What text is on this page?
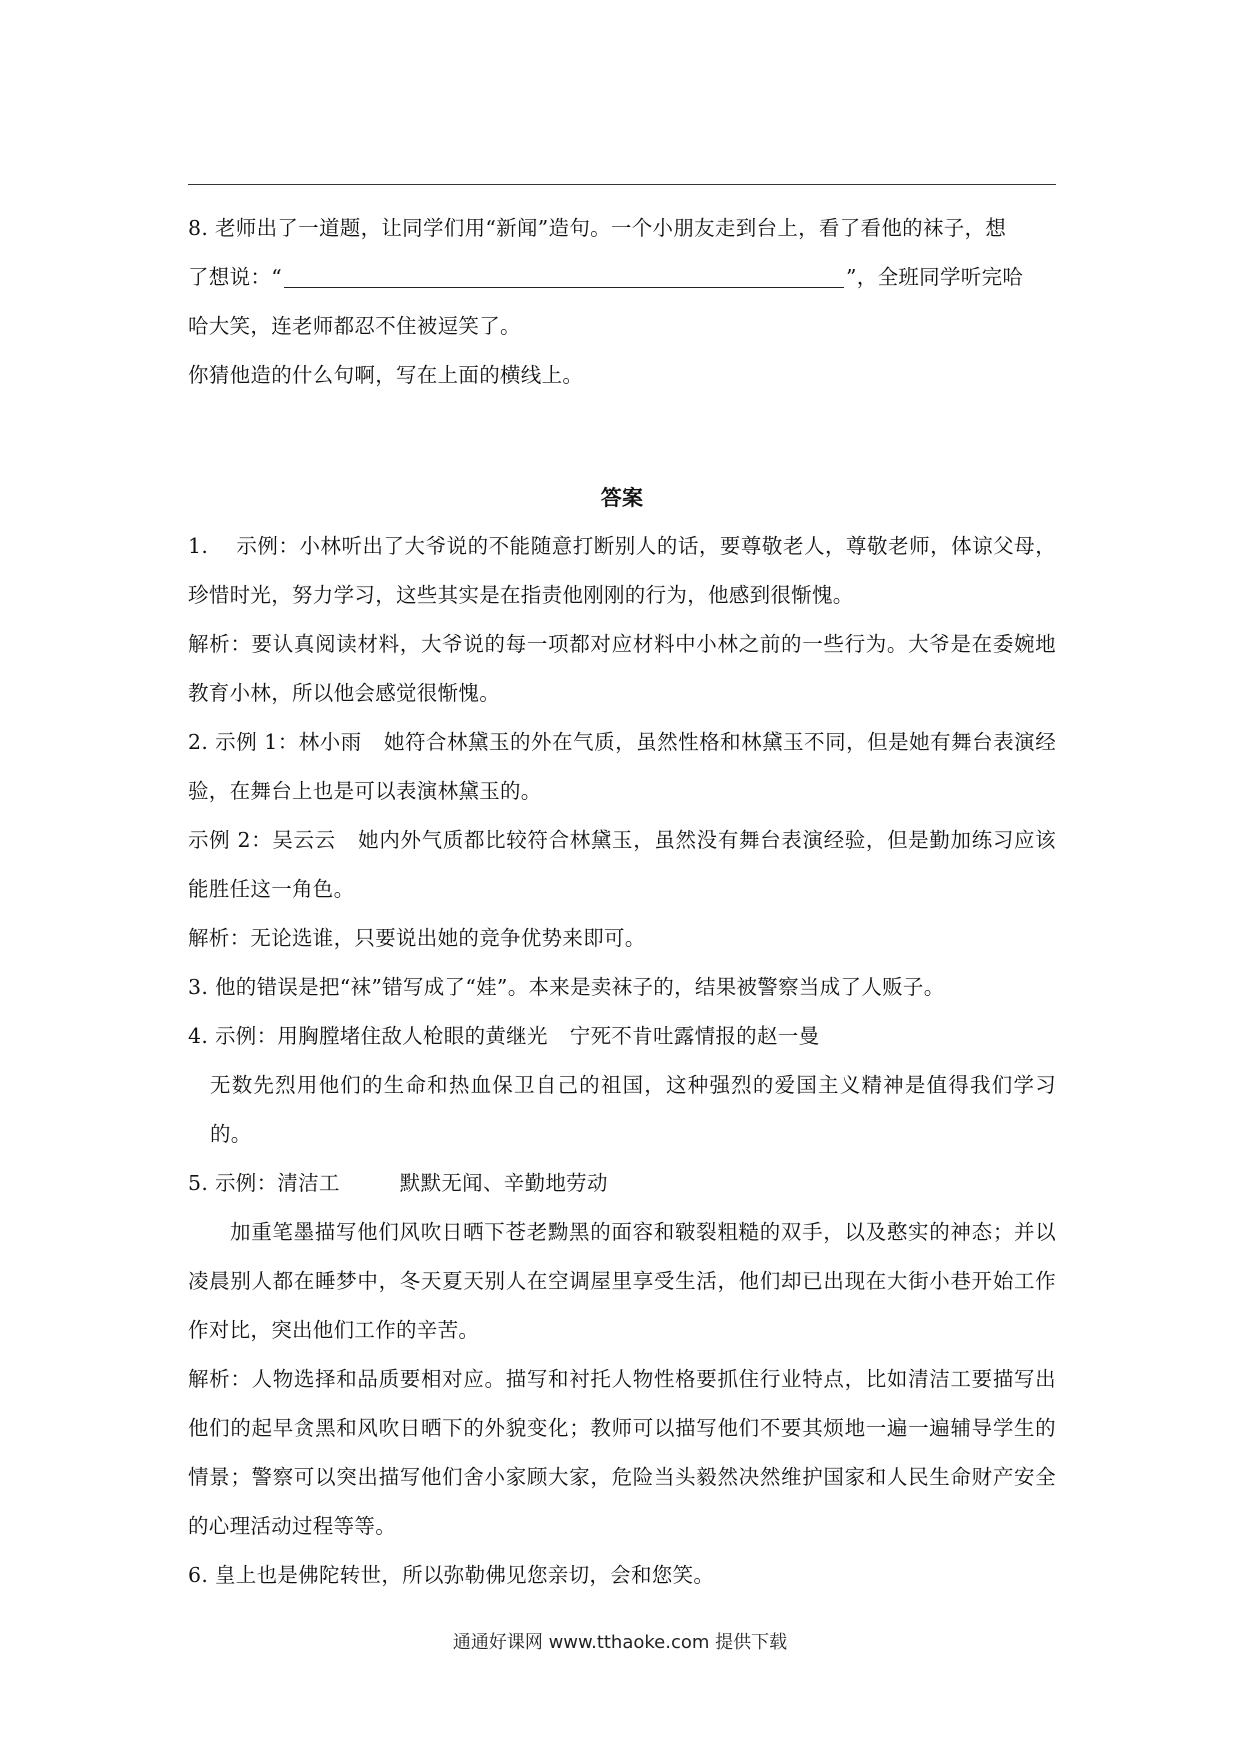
8. 老师出了一道题，让同学们用“新闻”造句。一个小朋友走到台上，看了看他的袜子，想

了想说：“	”，全班同学听完哈

哈大笑，连老师都忍不住被逗笑了。

你猜他造的什么句啊，写在上面的横线上。

答案

1. 示例：小林听出了大爷说的不能随意打断别人的话，要尊敬老人，尊敬老师，体谅父母，珍惜时光，努力学习，这些其实是在指责他刚刚的行为，他感到很惭愧。

解析：要认真阅读材料，大爷说的每一项都对应材料中小林之前的一些行为。大爷是在委婉地教育小林，所以他会感觉很惭愧。

2. 示例 1：林小雨 她符合林黛玉的外在气质，虽然性格和林黛玉不同，但是她有舞台表演经验，在舞台上也是可以表演林黛玉的。

示例 2：吴云云 她内外气质都比较符合林黛玉，虽然没有舞台表演经验，但是勤加练习应该能胜任这一角色。

解析：无论选谁，只要说出她的竞争优势来即可。

3. 他的错误是把“袜”错写成了“娃”。本来是卖袜子的，结果被警察当成了人贩子。

4. 示例：用胸膛堵住敌人枪眼的黄继光 宁死不肯吐露情报的赵一曼

无数先烈用他们的生命和热血保卫自己的祖国，这种强烈的爱国主义精神是值得我们学习的。

5. 示例：清洁工	默默无闻、辛勤地劳动

加重笔墨描写他们风吹日晒下苍老黝黑的面容和皲裂粗糙的双手，以及憨实的神态；并以凌晨别人都在睡梦中，冬天夏天别人在空调屋里享受生活，他们却已出现在大街小巷开始工作作对比，突出他们工作的辛苦。

解析：人物选择和品质要相对应。描写和衬托人物性格要抓住行业特点，比如清洁工要描写出他们的起早贪黑和风吹日晒下的外貌变化；教师可以描写他们不要其烦地一遍一遍辅导学生的情景；警察可以突出描写他们舍小家顾大家，危险当头毅然决然维护国家和人民生命财产安全的心理活动过程等等。

6. 皇上也是佛陀转世，所以弥勒佛见您亲切，会和您笑。

通通好课网 www.tthaoke.com 提供下载
